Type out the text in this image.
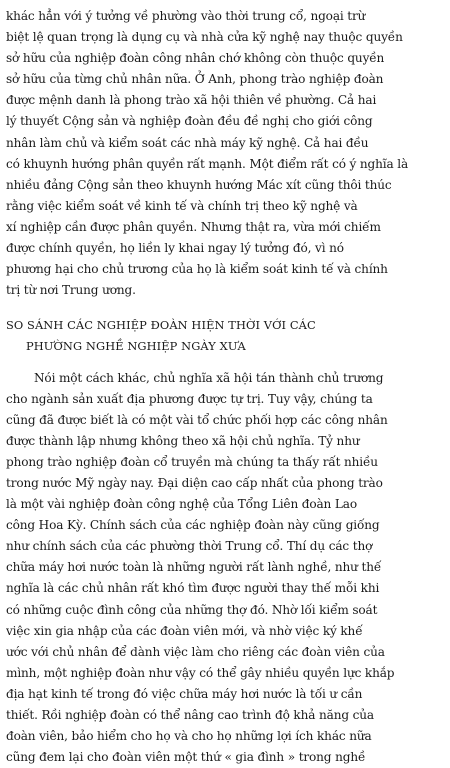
khác hẳn với ý tưởng về phường vào thời trung cổ, ngoại trừ
biệt lệ quan trọng là dụng cụ và nhà cửa kỹ nghệ nay thuộc quyền
sở hữu của nghiệp đoàn công nhân chớ không còn thuộc quyền
sở hữu của từng chủ nhân nữa. Ở Anh, phong trào nghiệp đoàn
được mệnh danh là phong trào xã hội thiên về phường. Cả hai
lý thuyết Cộng sản và nghiệp đoàn đều đề nghị cho giới công
nhân làm chủ và kiểm soát các nhà máy kỹ nghệ. Cả hai đều
có khuynh hướng phân quyền rất mạnh. Một điểm rất có ý nghĩa là
nhiều đảng Cộng sản theo khuynh hướng Mác xít cũng thôi thúc
rằng việc kiểm soát về kinh tế và chính trị theo kỹ nghệ và
xí nghiệp cần được phân quyền. Nhưng thật ra, vừa mới chiếm
được chính quyền, họ liền ly khai ngay lý tưởng đó, vì nó
phương hại cho chủ trương của họ là kiểm soát kinh tế và chính
trị từ nơi Trung ương.
SO SÁNH CÁC NGHIỆP ĐOÀN HIỆN THỜI VỚI CÁC
PHƯỜNG NGHỀ NGHIỆP NGÀY XƯA
Nói một cách khác, chủ nghĩa xã hội tán thành chủ trương
cho ngành sản xuất địa phương được tự trị. Tuy vậy, chúng ta
cũng đã được biết là có một vài tổ chức phối hợp các công nhân
được thành lập nhưng không theo xã hội chủ nghĩa. Tỷ như
phong trào nghiệp đoàn cổ truyền mà chúng ta thấy rất nhiều
trong nước Mỹ ngày nay. Đại diện cao cấp nhất của phong trào
là một vài nghiệp đoàn công nghệ của Tổng Liên đoàn Lao
công Hoa Kỳ. Chính sách của các nghiệp đoàn này cũng giống
như chính sách của các phường thời Trung cổ. Thí dụ các thợ
chữa máy hơi nước toàn là những người rất lành nghề, như thế
nghĩa là các chủ nhân rất khó tìm được người thay thế mỗi khi
có những cuộc đình công của những thợ đó. Nhờ lối kiểm soát
việc xin gia nhập của các đoàn viên mới, và nhờ việc ký khế
ước với chủ nhân để dành việc làm cho riêng các đoàn viên của
mình, một nghiệp đoàn như vậy có thể gây nhiều quyền lực khắp
địa hạt kinh tế trong đó việc chữa máy hơi nước là tối ư cần
thiết. Rồi nghiệp đoàn có thể nâng cao trình độ khả năng của
đoàn viên, bảo hiểm cho họ và cho họ những lợi ích khác nữa
cũng đem lại cho đoàn viên một thứ « gia đình » trong nghề
